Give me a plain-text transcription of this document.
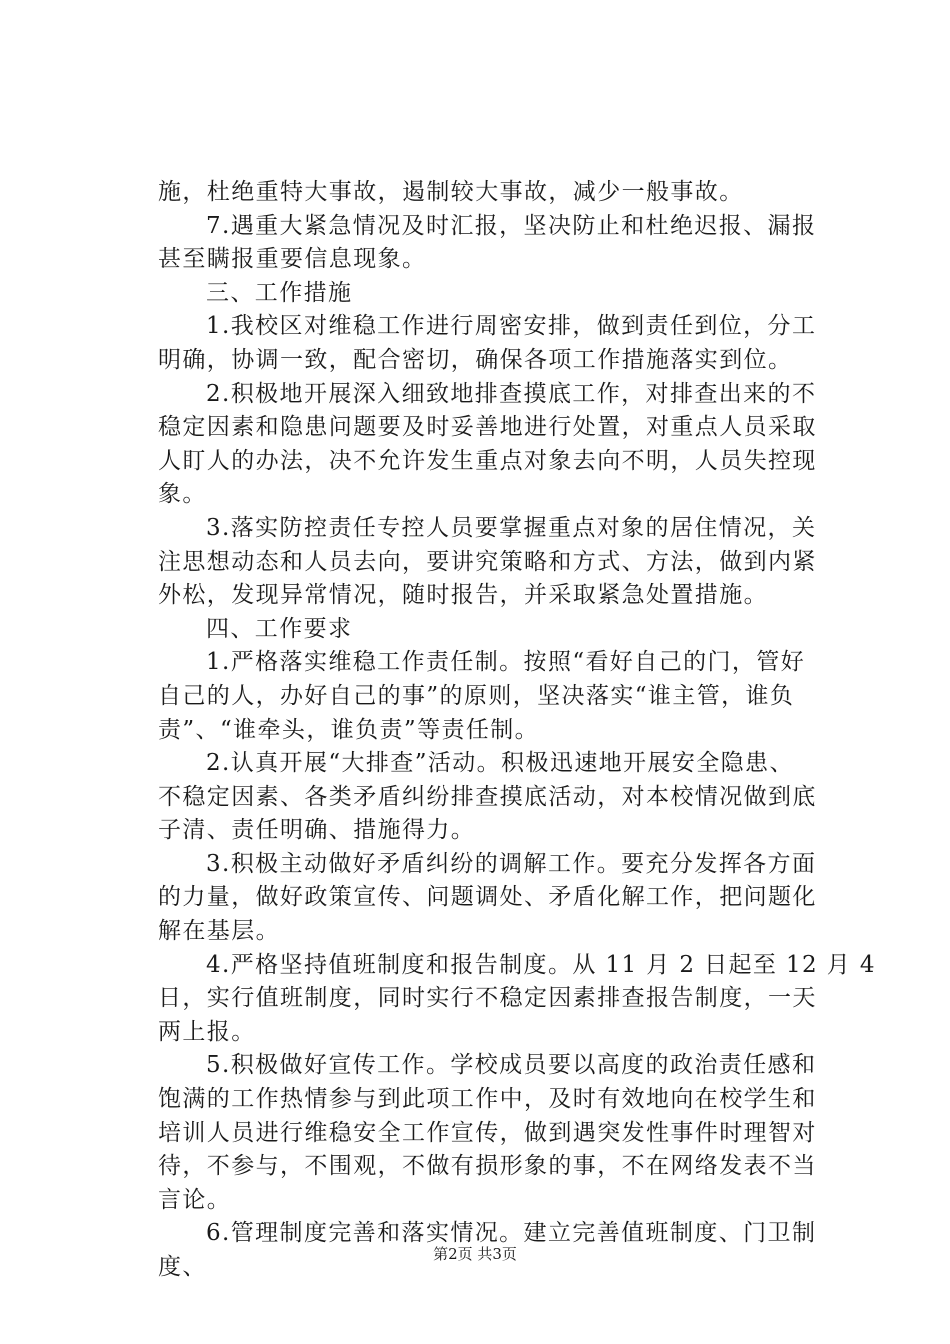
施，杜绝重特大事故，遏制较大事故，减少一般事故。
7.遇重大紧急情况及时汇报，坚决防止和杜绝迟报、漏报
甚至瞒报重要信息现象。
三、工作措施
1.我校区对维稳工作进行周密安排，做到责任到位，分工
明确，协调一致，配合密切，确保各项工作措施落实到位。
2.积极地开展深入细致地排查摸底工作，对排查出来的不
稳定因素和隐患问题要及时妥善地进行处置，对重点人员采取
人盯人的办法，决不允许发生重点对象去向不明，人员失控现
象。
3.落实防控责任专控人员要掌握重点对象的居住情况，关
注思想动态和人员去向，要讲究策略和方式、方法，做到内紧
外松，发现异常情况，随时报告，并采取紧急处置措施。
四、工作要求
1.严格落实维稳工作责任制。按照“看好自己的门，管好
自己的人，办好自己的事”的原则，坚决落实“谁主管，谁负
责”、“谁牵头，谁负责”等责任制。
2.认真开展“大排查”活动。积极迅速地开展安全隐患、
不稳定因素、各类矛盾纠纷排查摸底活动，对本校情况做到底
子清、责任明确、措施得力。
3.积极主动做好矛盾纠纷的调解工作。要充分发挥各方面
的力量，做好政策宣传、问题调处、矛盾化解工作，把问题化
解在基层。
4.严格坚持值班制度和报告制度。从 11 月 2 日起至 12 月 4
日，实行值班制度，同时实行不稳定因素排查报告制度，一天
两上报。
5.积极做好宣传工作。学校成员要以高度的政治责任感和
饱满的工作热情参与到此项工作中，及时有效地向在校学生和
培训人员进行维稳安全工作宣传，做到遇突发性事件时理智对
待，不参与，不围观，不做有损形象的事，不在网络发表不当
言论。
6.管理制度完善和落实情况。建立完善值班制度、门卫制
度、	第2页 共3页
